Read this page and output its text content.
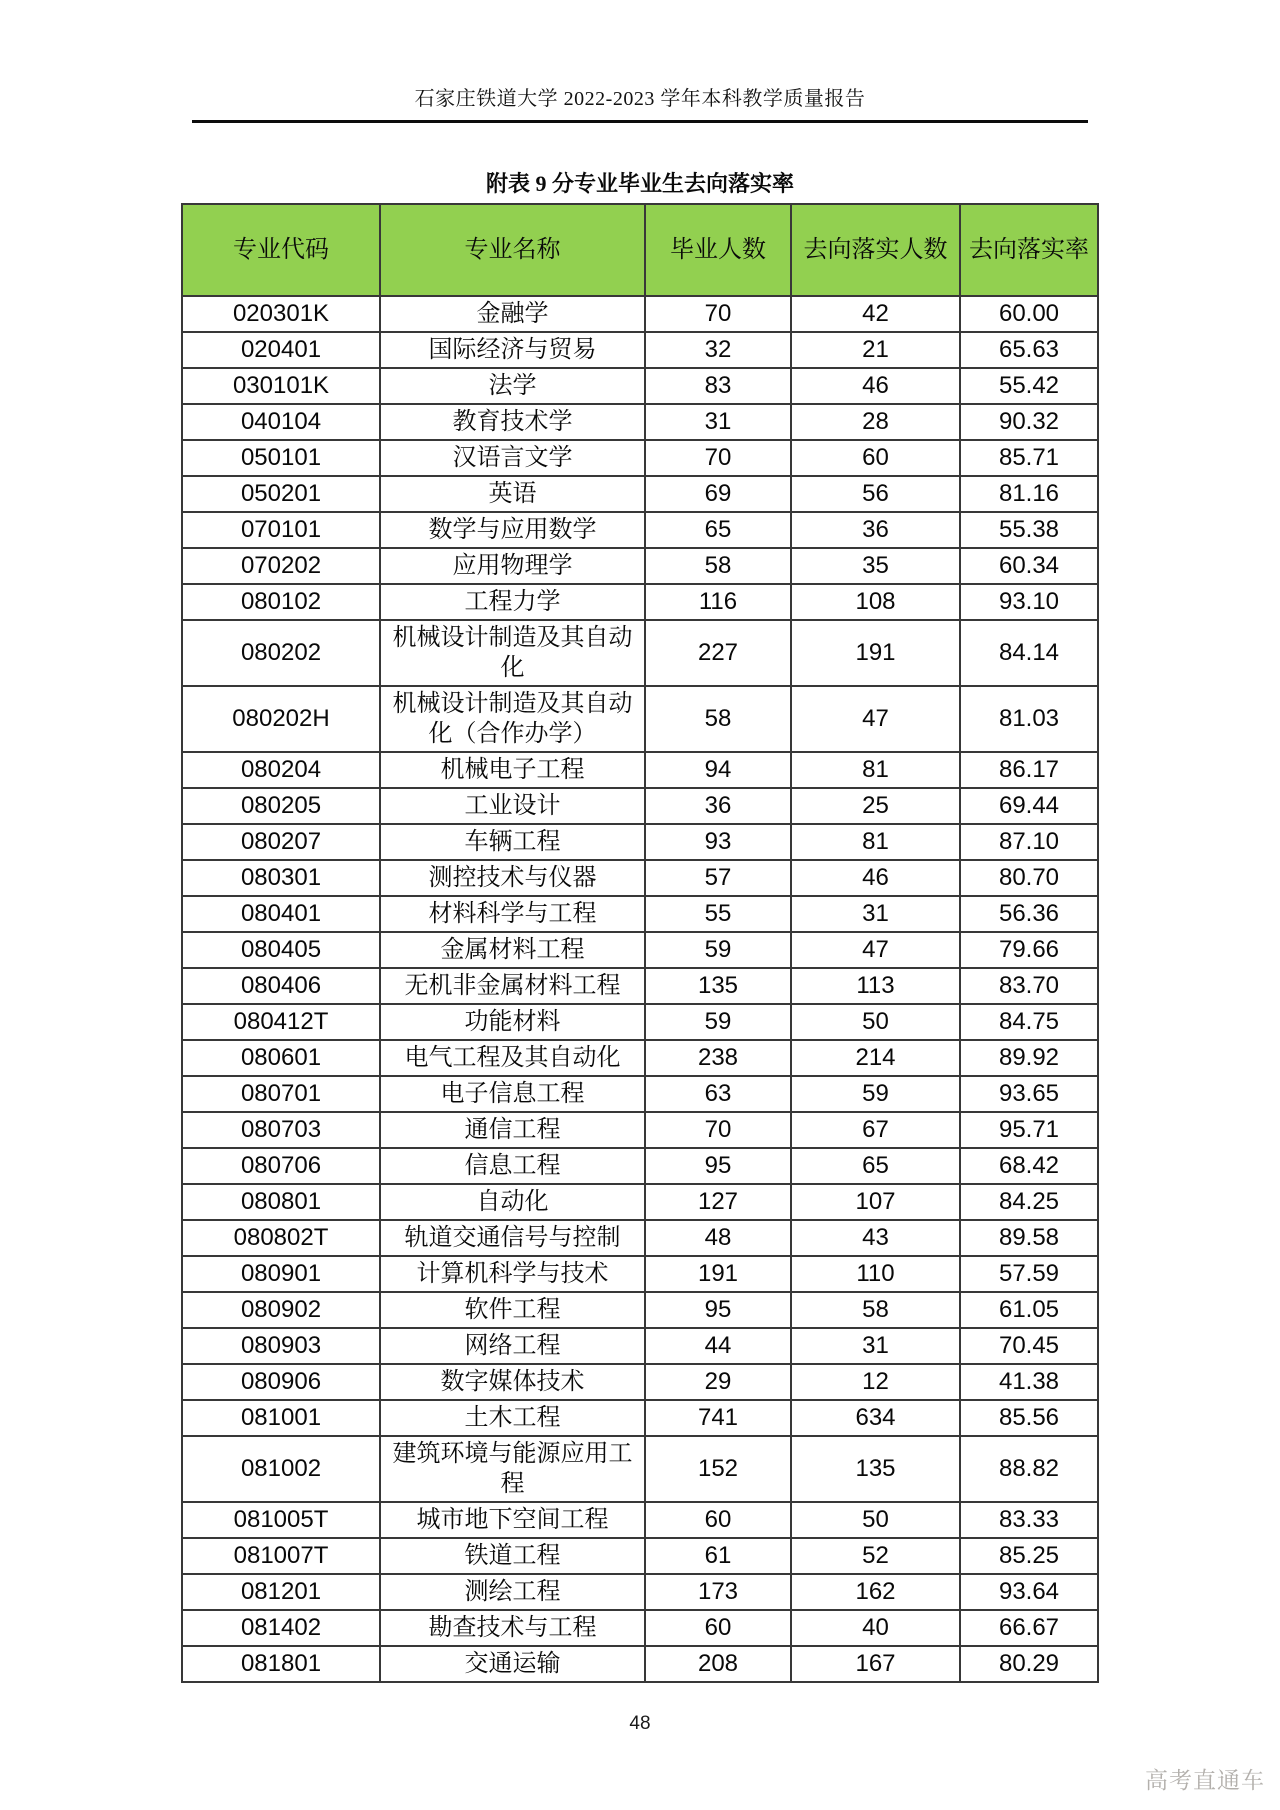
石家庄铁道大学 2022-2023 学年本科教学质量报告
附表 9 分专业毕业生去向落实率
专业代码	专业名称	毕业人数	去向落实人数	去向落实率
020301K	金融学	70	42	60.00
020401	国际经济与贸易	32	21	65.63
030101K	法学	83	46	55.42
040104	教育技术学	31	28	90.32
050101	汉语言文学	70	60	85.71
050201	英语	69	56	81.16
070101	数学与应用数学	65	36	55.38
070202	应用物理学	58	35	60.34
080102	工程力学	116	108	93.10
080202	机械设计制造及其自动化	227	191	84.14
080202H	机械设计制造及其自动化（合作办学）	58	47	81.03
080204	机械电子工程	94	81	86.17
080205	工业设计	36	25	69.44
080207	车辆工程	93	81	87.10
080301	测控技术与仪器	57	46	80.70
080401	材料科学与工程	55	31	56.36
080405	金属材料工程	59	47	79.66
080406	无机非金属材料工程	135	113	83.70
080412T	功能材料	59	50	84.75
080601	电气工程及其自动化	238	214	89.92
080701	电子信息工程	63	59	93.65
080703	通信工程	70	67	95.71
080706	信息工程	95	65	68.42
080801	自动化	127	107	84.25
080802T	轨道交通信号与控制	48	43	89.58
080901	计算机科学与技术	191	110	57.59
080902	软件工程	95	58	61.05
080903	网络工程	44	31	70.45
080906	数字媒体技术	29	12	41.38
081001	土木工程	741	634	85.56
081002	建筑环境与能源应用工程	152	135	88.82
081005T	城市地下空间工程	60	50	83.33
081007T	铁道工程	61	52	85.25
081201	测绘工程	173	162	93.64
081402	勘查技术与工程	60	40	66.67
081801	交通运输	208	167	80.29
48
高考直通车
